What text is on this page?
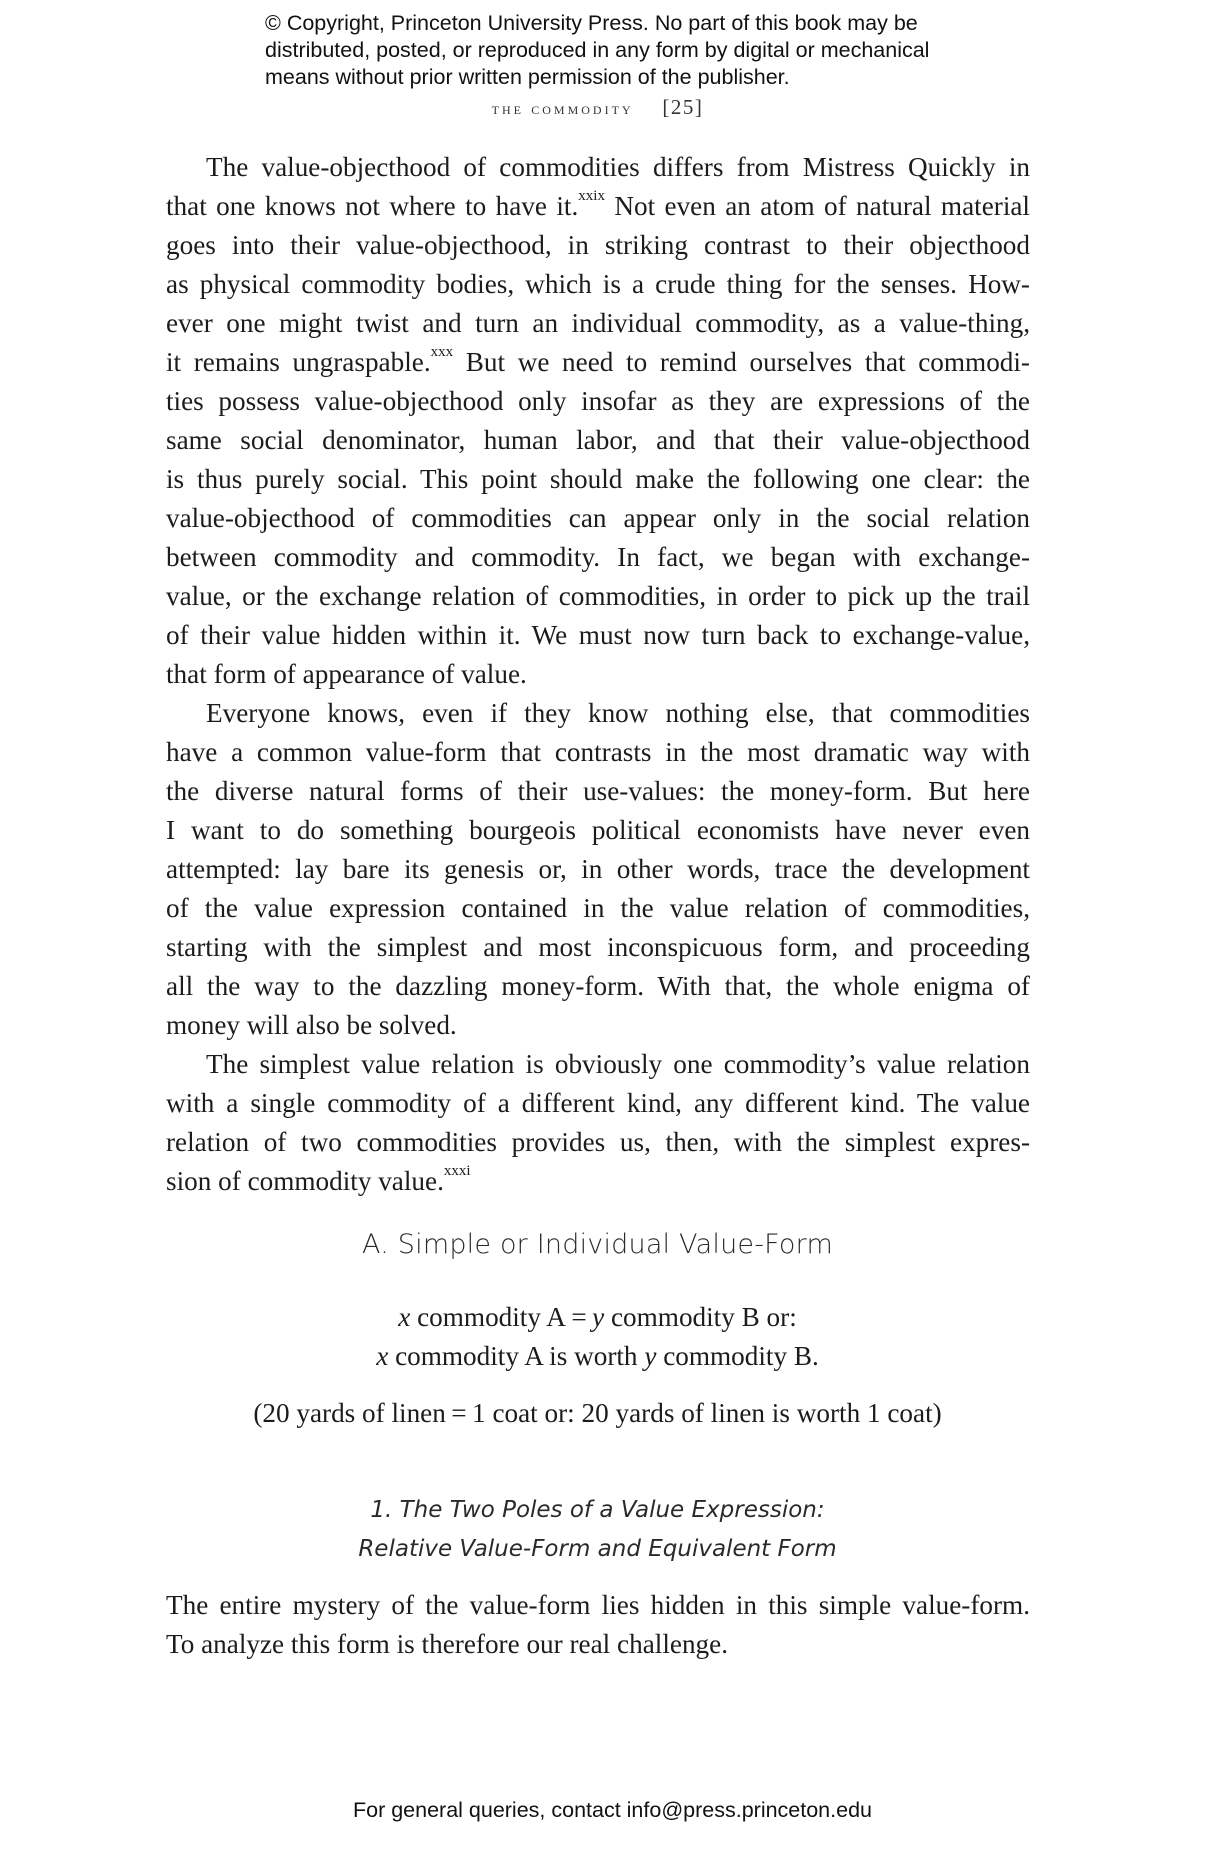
© Copyright, Princeton University Press. No part of this book may be
distributed, posted, or reproduced in any form by digital or mechanical
means without prior written permission of the publisher.
the commodity [25]

The value-objecthood of commodities differs from Mistress Quickly in
that one knows not where to have it.$^{xxix}$ Not even an atom of natural material
goes into their value-objecthood, in striking contrast to their objecthood
as physical commodity bodies, which is a crude thing for the senses. How-
ever one might twist and turn an individual commodity, as a value-thing,
it remains ungraspable.$^{xxx}$ But we need to remind ourselves that commodi-
ties possess value-objecthood only insofar as they are expressions of the
same social denominator, human labor, and that their value-objecthood
is thus purely social. This point should make the following one clear: the
value-objecthood of commodities can appear only in the social relation
between commodity and commodity. In fact, we began with exchange-
value, or the exchange relation of commodities, in order to pick up the trail
of their value hidden within it. We must now turn back to exchange-value,
that form of appearance of value.

Everyone knows, even if they know nothing else, that commodities
have a common value-form that contrasts in the most dramatic way with
the diverse natural forms of their use-values: the money-form. But here
I want to do something bourgeois political economists have never even
attempted: lay bare its genesis or, in other words, trace the development
of the value expression contained in the value relation of commodities,
starting with the simplest and most inconspicuous form, and proceeding
all the way to the dazzling money-form. With that, the whole enigma of
money will also be solved.

The simplest value relation is obviously one commodity’s value relation
with a single commodity of a different kind, any different kind. The value
relation of two commodities provides us, then, with the simplest expres-
sion of commodity value.$^{xxxi}$

A. Simple or Individual Value-Form
x commodity A = y commodity B or:
x commodity A is worth y commodity B.
(20 yards of linen = 1 coat or: 20 yards of linen is worth 1 coat)
1. The Two Poles of a Value Expression:
Relative Value-Form and Equivalent Form
The entire mystery of the value-form lies hidden in this simple value-form.
To analyze this form is therefore our real challenge.
For general queries, contact info@press.princeton.edu
